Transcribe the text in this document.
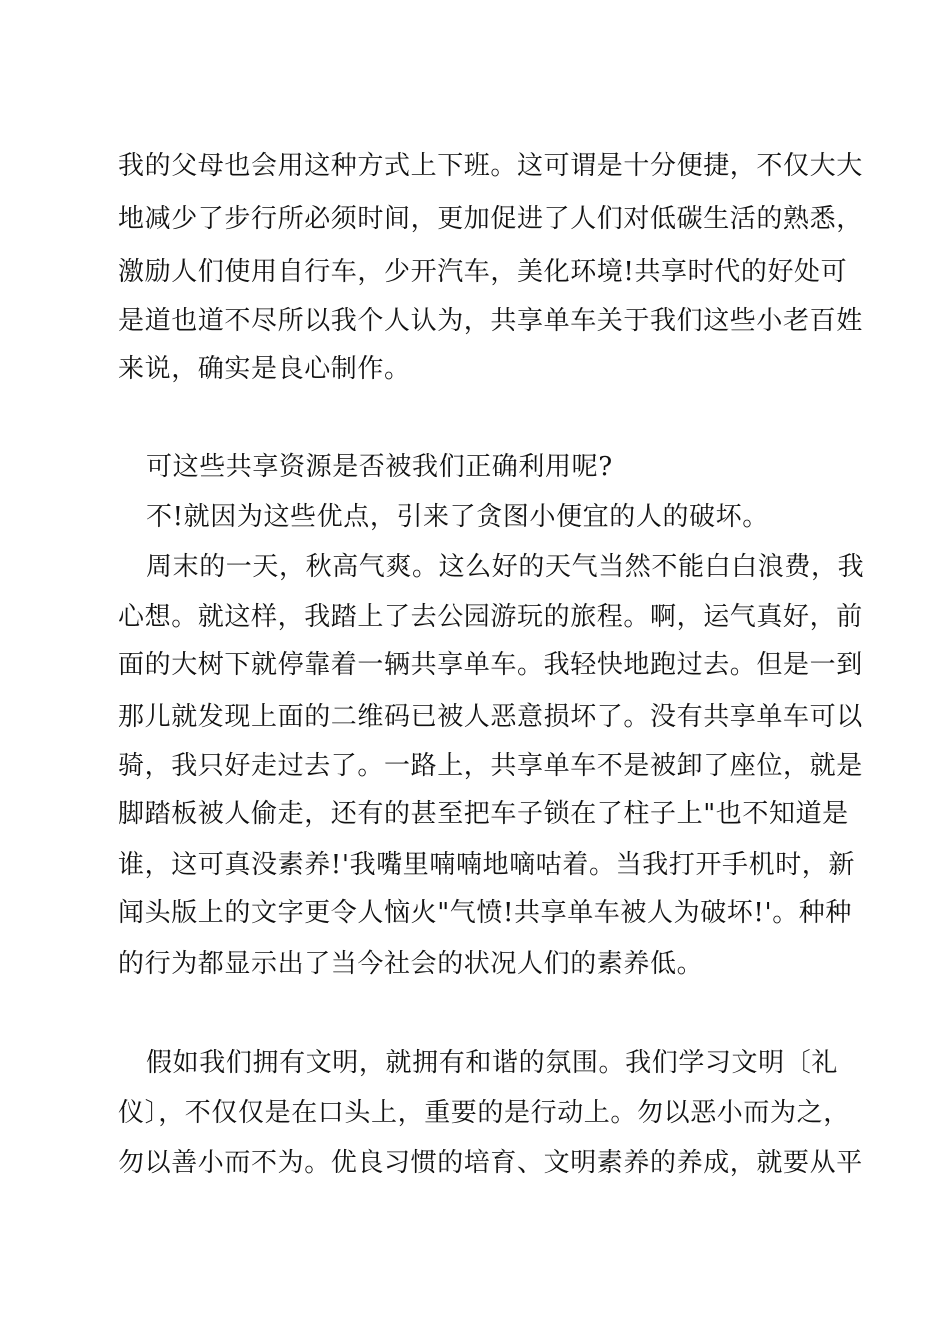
我的父母也会用这种方式上下班。这可谓是十分便捷，不仅大大
地减少了步行所必须时间，更加促进了人们对低碳生活的熟悉，
激励人们使用自行车，少开汽车，美化环境!共享时代的好处可
是道也道不尽所以我个人认为，共享单车关于我们这些小老百姓
来说，确实是良心制作。
可这些共享资源是否被我们正确利用呢?
不!就因为这些优点，引来了贪图小便宜的人的破坏。
周末的一天，秋高气爽。这么好的天气当然不能白白浪费，我
心想。就这样，我踏上了去公园游玩的旅程。啊，运气真好，前
面的大树下就停靠着一辆共享单车。我轻快地跑过去。但是一到
那儿就发现上面的二维码已被人恶意损坏了。没有共享单车可以
骑，我只好走过去了。一路上，共享单车不是被卸了座位，就是
脚踏板被人偷走，还有的甚至把车子锁在了柱子上"也不知道是
谁，这可真没素养!'我嘴里喃喃地嘀咕着。当我打开手机时，新
闻头版上的文字更令人恼火"气愤!共享单车被人为破坏!'。种种
的行为都显示出了当今社会的状况人们的素养低。
假如我们拥有文明，就拥有和谐的氛围。我们学习文明〔礼
仪〕，不仅仅是在口头上，重要的是行动上。勿以恶小而为之，
勿以善小而不为。优良习惯的培育、文明素养的养成，就要从平
